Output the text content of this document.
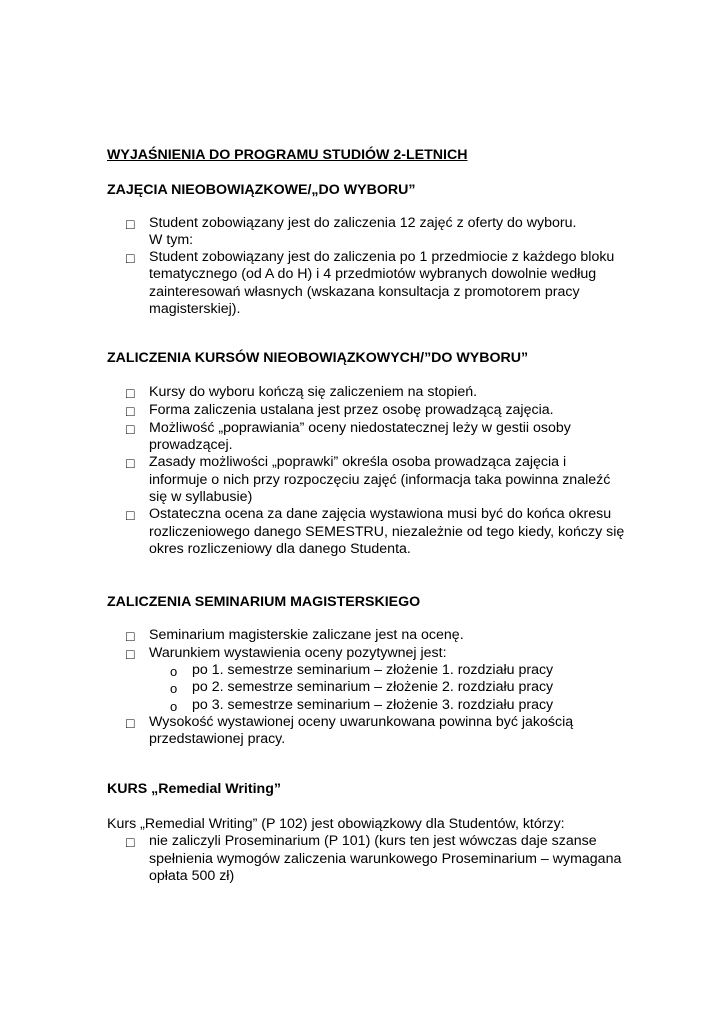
WYJAŚNIENIA DO PROGRAMU STUDIÓW 2-LETNICH
ZAJĘCIA NIEOBOWIĄZKOWE/„DO WYBORU”
□ Student zobowiązany jest do zaliczenia 12 zajęć z oferty do wyboru.
W tym:
□ Student zobowiązany jest do zaliczenia po 1 przedmiocie z każdego bloku
tematycznego (od A do H) i 4 przedmiotów wybranych dowolnie według
zainteresowań własnych (wskazana konsultacja z promotorem pracy
magisterskiej).
ZALICZENIA KURSÓW NIEOBOWIĄZKOWYCH/”DO WYBORU”
□ Kursy do wyboru kończą się zaliczeniem na stopień.
□ Forma zaliczenia ustalana jest przez osobę prowadzącą zajęcia.
□ Możliwość „poprawiania” oceny niedostatecznej leży w gestii osoby
prowadzącej.
□ Zasady możliwości „poprawki” określa osoba prowadząca zajęcia i
informuje o nich przy rozpoczęciu zajęć (informacja taka powinna znaleźć
się w syllabusie)
□ Ostateczna ocena za dane zajęcia wystawiona musi być do końca okresu
rozliczeniowego danego SEMESTRU, niezależnie od tego kiedy, kończy się
okres rozliczeniowy dla danego Studenta.
ZALICZENIA SEMINARIUM MAGISTERSKIEGO
□ Seminarium magisterskie zaliczane jest na ocenę.
□ Warunkiem wystawienia oceny pozytywnej jest:
o po 1. semestrze seminarium – złożenie 1. rozdziału pracy
o po 2. semestrze seminarium – złożenie 2. rozdziału pracy
o po 3. semestrze seminarium – złożenie 3. rozdziału pracy
□ Wysokość wystawionej oceny uwarunkowana powinna być jakością
przedstawionej pracy.
KURS „Remedial Writing”
Kurs „Remedial Writing” (P 102) jest obowiązkowy dla Studentów, którzy:
□ nie zaliczyli Proseminarium (P 101) (kurs ten jest wówczas daje szanse
spełnienia wymogów zaliczenia warunkowego Proseminarium – wymagana
opłata 500 zł)
